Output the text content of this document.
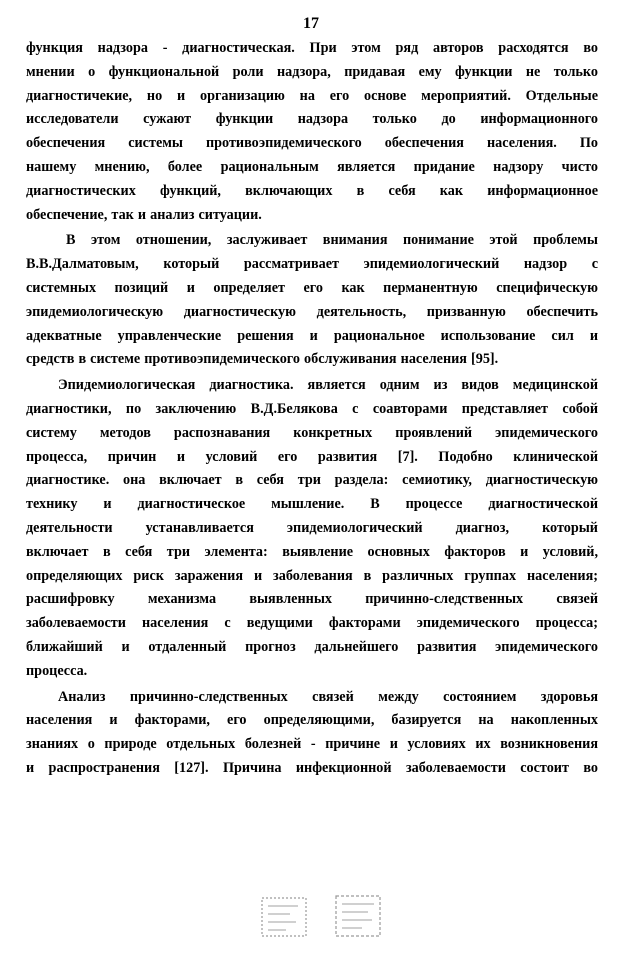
17

функция надзора - диагностическая. При этом ряд авторов расходятся во
мнении о функциональной роли надзора, придавая ему функции не только
диагностичекие, но и организацию на его основе мероприятий. Отдельные
исследователи сужают функции надзора только до информационного
обеспечения системы противоэпидемического обеспечения населения. По
нашему мнению, более рациональным является придание надзору чисто
диагностических функций, включающих в себя как информационное
обеспечение, так и анализ ситуации.

В этом отношении, заслуживает внимания понимание этой проблемы
В.В.Далматовым, который рассматривает эпидемиологический надзор с
системных позиций и определяет его как перманентную специфическую
эпидемиологическую диагностическую деятельность, призванную обеспечить
адекватные управленческие решения и рациональное использование сил и
средств в системе противоэпидемического обслуживания населения [95].

Эпидемиологическая диагностика. является одним из видов медицинской
диагностики, по заключению В.Д.Белякова с соавторами представляет собой
систему методов распознавания конкретных проявлений эпидемического
процесса, причин и условий его развития [7]. Подобно клинической
диагностике. она включает в себя три раздела: семиотику, диагностическую
технику и диагностическое мышление. В процессе диагностической
деятельности устанавливается эпидемиологический диагноз, который
включает в себя три элемента: выявление основных факторов и условий,
определяющих риск заражения и заболевания в различных группах населения;
расшифровку механизма выявленных причинно-следственных связей
заболеваемости населения с ведущими факторами эпидемического процесса;
ближайший и отдаленный прогноз дальнейшего развития эпидемического
процесса.

Анализ причинно-следственных связей между состоянием здоровья
населения и факторами, его определяющими, базируется на накопленных
знаниях о природе отдельных болезней - причине и условиях их возникновения
и распространения [127]. Причина инфекционной заболеваемости состоит во
